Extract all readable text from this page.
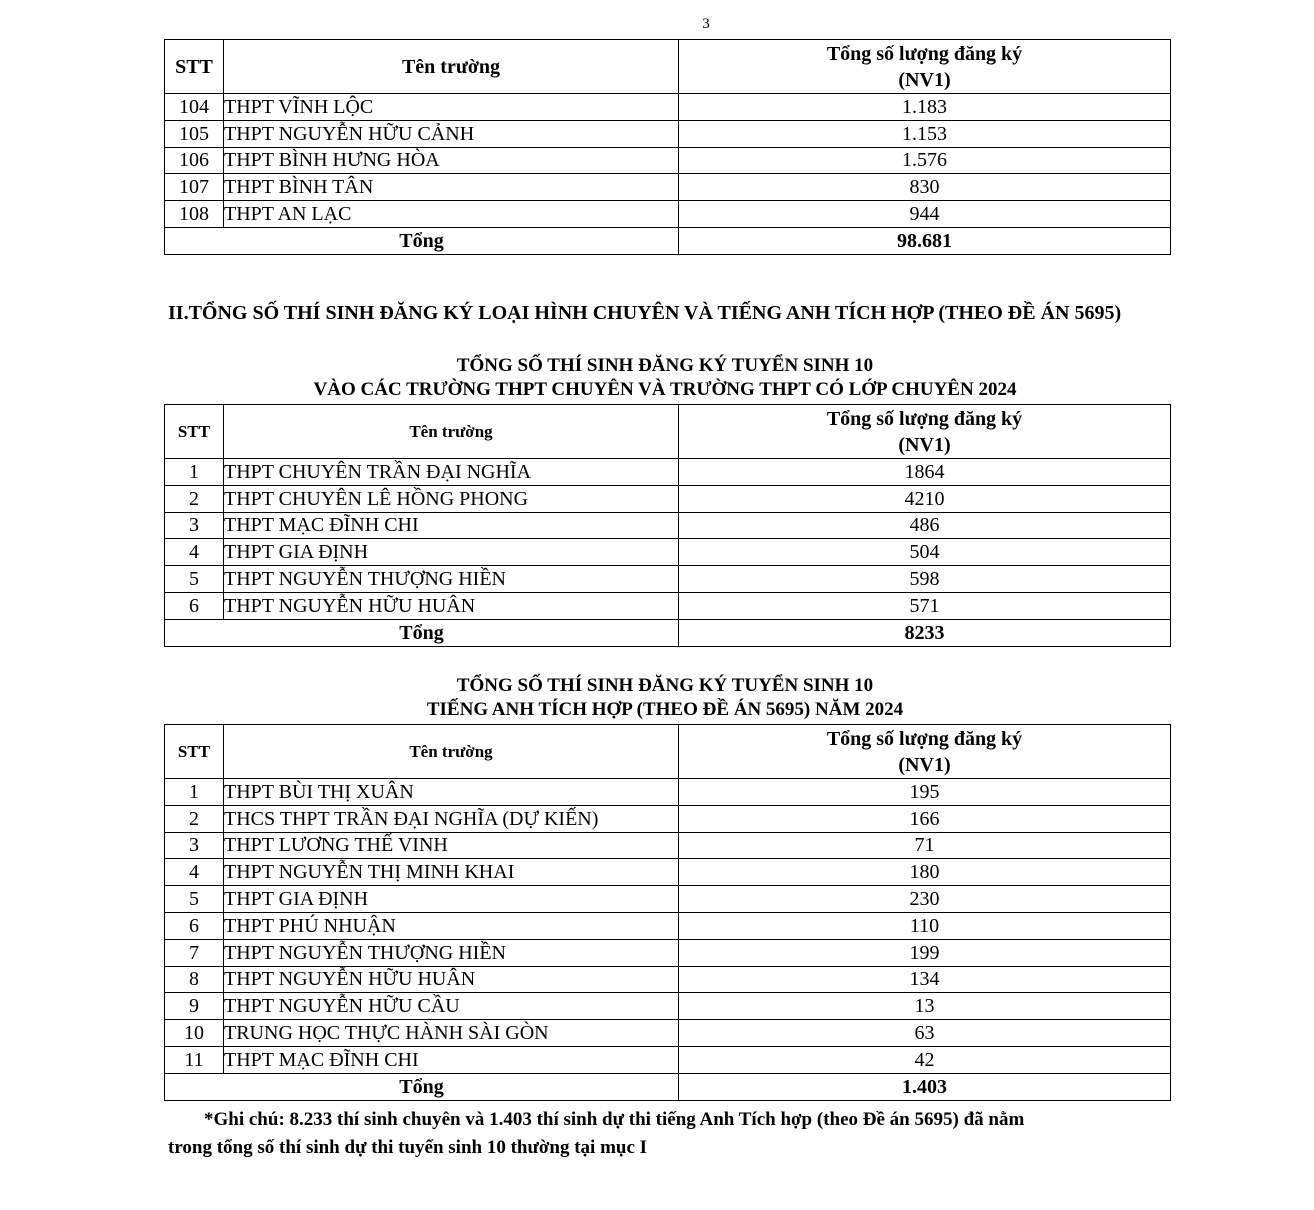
3
STT	Tên trường	Tổng số lượng đăng ký
(NV1)
104	THPT VĨNH LỘC	1.183
105	THPT NGUYỄN HỮU CẢNH	1.153
106	THPT BÌNH HƯNG HÒA	1.576
107	THPT BÌNH TÂN	830
108	THPT AN LẠC	944
Tổng		98.681
II.TỔNG SỐ THÍ SINH ĐĂNG KÝ LOẠI HÌNH CHUYÊN VÀ TIẾNG ANH TÍCH HỢP (THEO ĐỀ ÁN 5695)
TỔNG SỐ THÍ SINH ĐĂNG KÝ TUYỂN SINH 10
VÀO CÁC TRƯỜNG THPT CHUYÊN VÀ TRƯỜNG THPT CÓ LỚP CHUYÊN 2024
STT	Tên trường	Tổng số lượng đăng ký
(NV1)
1	THPT CHUYÊN TRẦN ĐẠI NGHĨA	1864
2	THPT CHUYÊN LÊ HỒNG PHONG	4210
3	THPT MẠC ĐĨNH CHI	486
4	THPT GIA ĐỊNH	504
5	THPT NGUYỄN THƯỢNG HIỀN	598
6	THPT NGUYỄN HỮU HUÂN	571
Tổng		8233
TỔNG SỐ THÍ SINH ĐĂNG KÝ TUYỂN SINH 10
TIẾNG ANH TÍCH HỢP (THEO ĐỀ ÁN 5695) NĂM 2024
STT	Tên trường	Tổng số lượng đăng ký
(NV1)
1	THPT BÙI THỊ XUÂN	195
2	THCS THPT TRẦN ĐẠI NGHĨA (DỰ KIẾN)	166
3	THPT LƯƠNG THẾ VINH	71
4	THPT NGUYỄN THỊ MINH KHAI	180
5	THPT GIA ĐỊNH	230
6	THPT PHÚ NHUẬN	110
7	THPT NGUYỄN THƯỢNG HIỀN	199
8	THPT NGUYỄN HỮU HUÂN	134
9	THPT NGUYỄN HỮU CẦU	13
10	TRUNG HỌC THỰC HÀNH SÀI GÒN	63
11	THPT MẠC ĐĨNH CHI	42
Tổng		1.403
*Ghi chú: 8.233 thí sinh chuyên và 1.403 thí sinh dự thi tiếng Anh Tích hợp (theo Đề án 5695) đã nằm
trong tổng số thí sinh dự thi tuyển sinh 10 thường tại mục I
